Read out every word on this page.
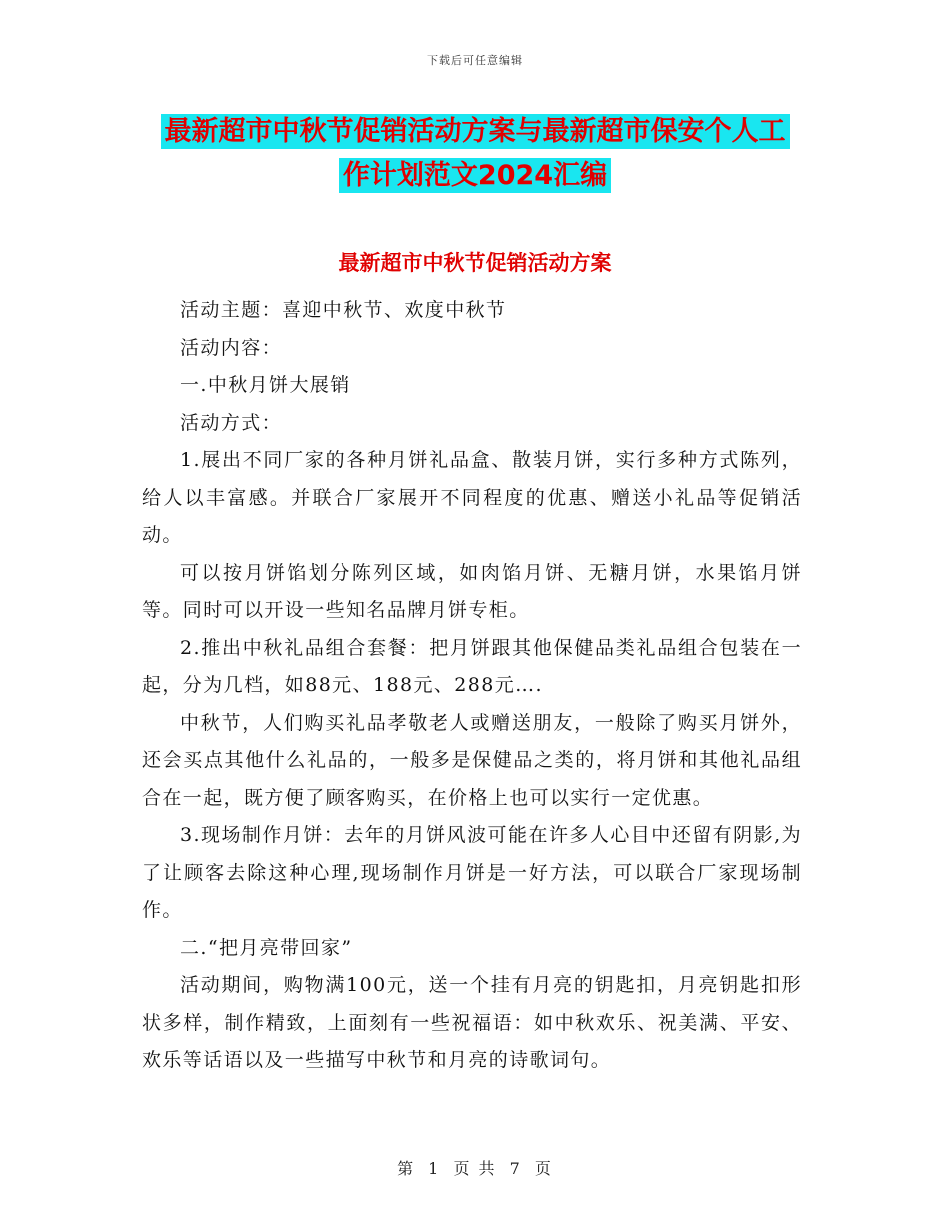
下载后可任意编辑
最新超市中秋节促销活动方案与最新超市保安个人工
作计划范文2024汇编
最新超市中秋节促销活动方案

活动主题：喜迎中秋节、欢度中秋节

活动内容：

一.中秋月饼大展销

活动方式：

1.展出不同厂家的各种月饼礼品盒、散装月饼，实行多种方式陈列，给人以丰富感。并联合厂家展开不同程度的优惠、赠送小礼品等促销活动。

可以按月饼馅划分陈列区域，如肉馅月饼、无糖月饼，水果馅月饼等。同时可以开设一些知名品牌月饼专柜。

2.推出中秋礼品组合套餐：把月饼跟其他保健品类礼品组合包装在一起，分为几档，如88元、188元、288元….

中秋节，人们购买礼品孝敬老人或赠送朋友，一般除了购买月饼外，还会买点其他什么礼品的，一般多是保健品之类的，将月饼和其他礼品组合在一起，既方便了顾客购买，在价格上也可以实行一定优惠。

3.现场制作月饼：去年的月饼风波可能在许多人心目中还留有阴影,为了让顾客去除这种心理,现场制作月饼是一好方法，可以联合厂家现场制作。

二.“把月亮带回家”

活动期间，购物满100元，送一个挂有月亮的钥匙扣，月亮钥匙扣形状多样，制作精致，上面刻有一些祝福语：如中秋欢乐、祝美满、平安、欢乐等话语以及一些描写中秋节和月亮的诗歌词句。

第 1 页 共 7 页
